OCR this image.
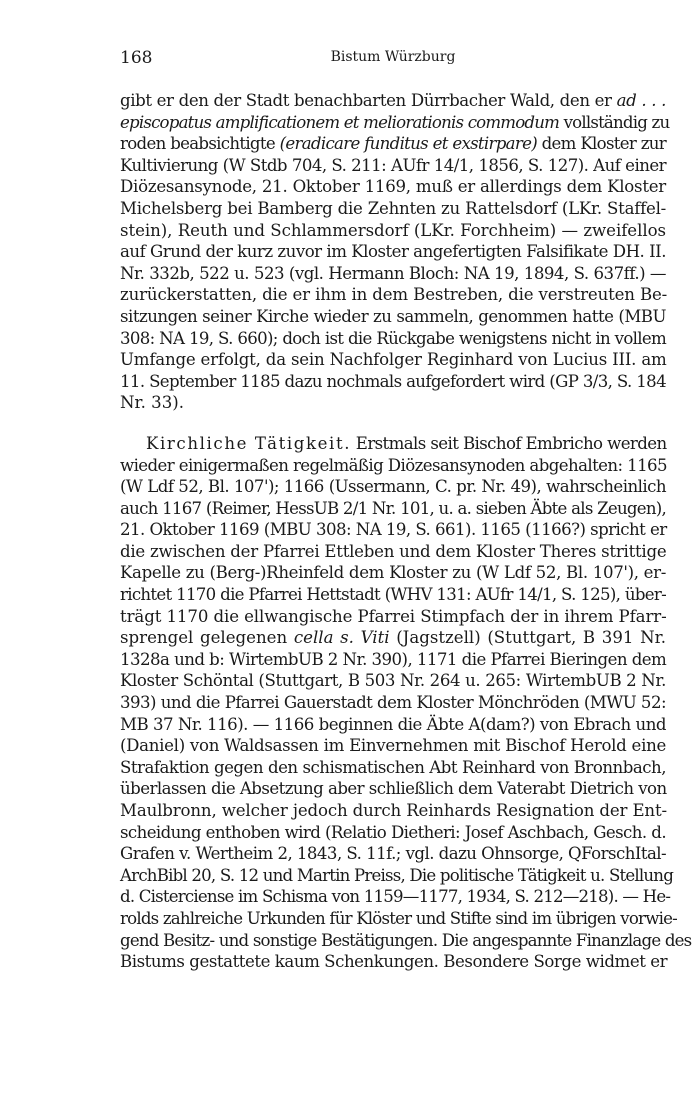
168	Bistum Würzburg
gibt er den der Stadt benachbarten Dürrbacher Wald, den er ad . . .
episcopatus amplificationem et meliorationis commodum vollständig zu
roden beabsichtigte (eradicare funditus et exstirpare) dem Kloster zur
Kultivierung (W Stdb 704, S. 211: AUfr 14/1, 1856, S. 127). Auf einer
Diözesansynode, 21. Oktober 1169, muß er allerdings dem Kloster
Michelsberg bei Bamberg die Zehnten zu Rattelsdorf (LKr. Staffel-
stein), Reuth und Schlammersdorf (LKr. Forchheim) — zweifellos
auf Grund der kurz zuvor im Kloster angefertigten Falsifikate DH. II.
Nr. 332b, 522 u. 523 (vgl. Hermann Bloch: NA 19, 1894, S. 637ff.) —
zurückerstatten, die er ihm in dem Bestreben, die verstreuten Be-
sitzungen seiner Kirche wieder zu sammeln, genommen hatte (MBU
308: NA 19, S. 660); doch ist die Rückgabe wenigstens nicht in vollem
Umfange erfolgt, da sein Nachfolger Reginhard von Lucius III. am
11. September 1185 dazu nochmals aufgefordert wird (GP 3/3, S. 184
Nr. 33).
Kirchliche Tätigkeit. Erstmals seit Bischof Embricho werden
wieder einigermaßen regelmäßig Diözesansynoden abgehalten: 1165
(W Ldf 52, Bl. 107'); 1166 (Ussermann, C. pr. Nr. 49), wahrscheinlich
auch 1167 (Reimer, HessUB 2/1 Nr. 101, u. a. sieben Äbte als Zeugen),
21. Oktober 1169 (MBU 308: NA 19, S. 661). 1165 (1166?) spricht er
die zwischen der Pfarrei Ettleben und dem Kloster Theres strittige
Kapelle zu (Berg-)Rheinfeld dem Kloster zu (W Ldf 52, Bl. 107'), er-
richtet 1170 die Pfarrei Hettstadt (WHV 131: AUfr 14/1, S. 125), über-
trägt 1170 die ellwangische Pfarrei Stimpfach der in ihrem Pfarr-
sprengel gelegenen cella s. Viti (Jagstzell) (Stuttgart, B 391 Nr.
1328a und b: WirtembUB 2 Nr. 390), 1171 die Pfarrei Bieringen dem
Kloster Schöntal (Stuttgart, B 503 Nr. 264 u. 265: WirtembUB 2 Nr.
393) und die Pfarrei Gauerstadt dem Kloster Mönchröden (MWU 52:
MB 37 Nr. 116). — 1166 beginnen die Äbte A(dam?) von Ebrach und
(Daniel) von Waldsassen im Einvernehmen mit Bischof Herold eine
Strafaktion gegen den schismatischen Abt Reinhard von Bronnbach,
überlassen die Absetzung aber schließlich dem Vaterabt Dietrich von
Maulbronn, welcher jedoch durch Reinhards Resignation der Ent-
scheidung enthoben wird (Relatio Dietheri: Josef Aschbach, Gesch. d.
Grafen v. Wertheim 2, 1843, S. 11f.; vgl. dazu Ohnsorge, QForschItal-
ArchBibl 20, S. 12 und Martin Preiss, Die politische Tätigkeit u. Stellung
d. Cisterciense im Schisma von 1159—1177, 1934, S. 212—218). — He-
rolds zahlreiche Urkunden für Klöster und Stifte sind im übrigen vorwie-
gend Besitz- und sonstige Bestätigungen. Die angespannte Finanzlage des
Bistums gestattete kaum Schenkungen. Besondere Sorge widmet er
